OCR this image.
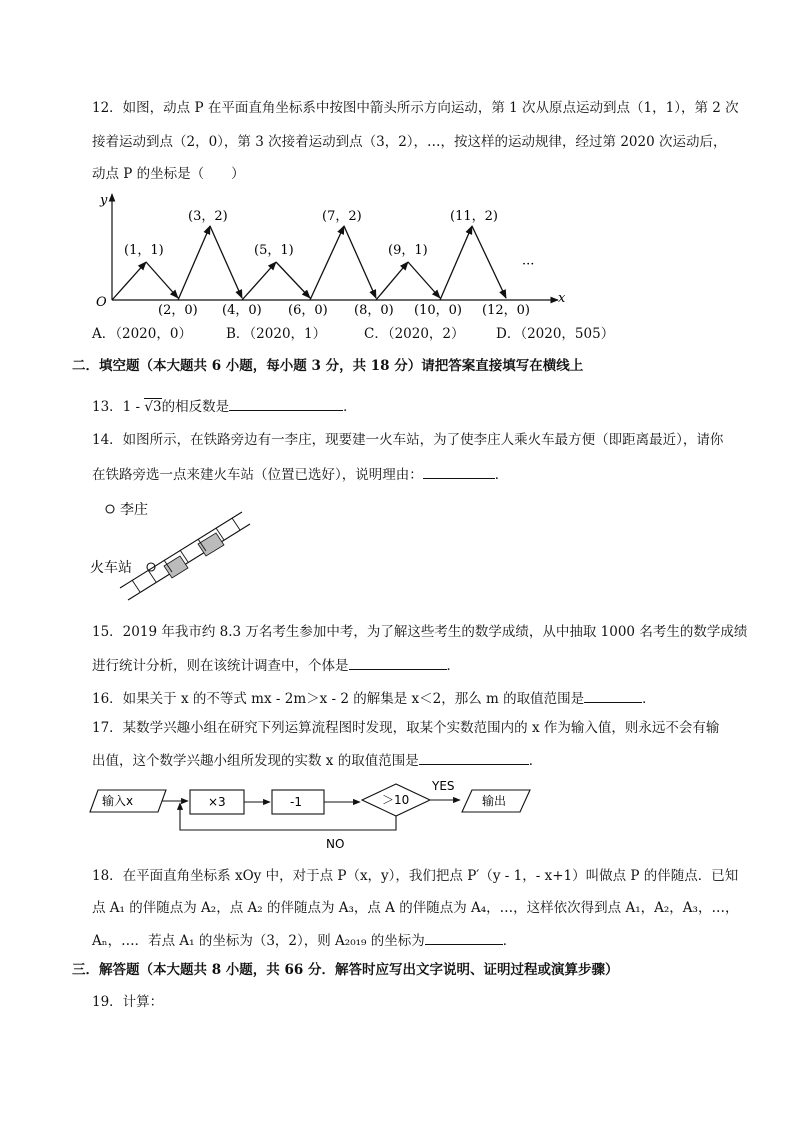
12．如图，动点 P 在平面直角坐标系中按图中箭头所示方向运动，第 1 次从原点运动到点（1，1），第 2 次
接着运动到点（2，0），第 3 次接着运动到点（3，2），…，按这样的运动规律，经过第 2020 次运动后，
动点 P 的坐标是（　　）
y
x
O
(1，1)
(3，2)
(5，1)
(7，2)
(9，1)
(11，2)
(2，0) (4，0) (6，0) (8，0) (10，0) (12，0)
···
A．（2020，0）	B．（2020，1）	C．（2020，2） D．（2020，505）
二．填空题（本大题共 6 小题，每小题 3 分，共 18 分）请把答案直接填写在横线上
13．1 ‐ √3的相反数是	．
14．如图所示，在铁路旁边有一李庄，现要建一火车站，为了使李庄人乘火车最方便（即距离最近），请你
在铁路旁选一点来建火车站（位置已选好），说明理由：	．
李庄
火车站
15．2019 年我市约 8.3 万名考生参加中考，为了解这些考生的数学成绩，从中抽取 1000 名考生的数学成绩
进行统计分析，则在该统计调查中，个体是	．
16．如果关于 x 的不等式 mx ‐ 2m＞x ‐ 2 的解集是 x＜2，那么 m 的取值范围是	．
17．某数学兴趣小组在研究下列运算流程图时发现，取某个实数范围内的 x 作为输入值，则永远不会有输
出值，这个数学兴趣小组所发现的实数 x 的取值范围是	．
输入x	×3	-1	＞10
YES
输出
NO
18．在平面直角坐标系 xOy 中，对于点 P（x，y），我们把点 P′（y ‐ 1，‐ x+1）叫做点 P 的伴随点．已知
点 A₁ 的伴随点为 A₂，点 A₂ 的伴随点为 A₃，点 A 的伴随点为 A₄，…，这样依次得到点 A₁，A₂，A₃，…，
Aₙ，…．若点 A₁ 的坐标为（3，2），则 A₂₀₁₉ 的坐标为	．
三．解答题（本大题共 8 小题，共 66 分．解答时应写出文字说明、证明过程或演算步骤）
19．计算：
